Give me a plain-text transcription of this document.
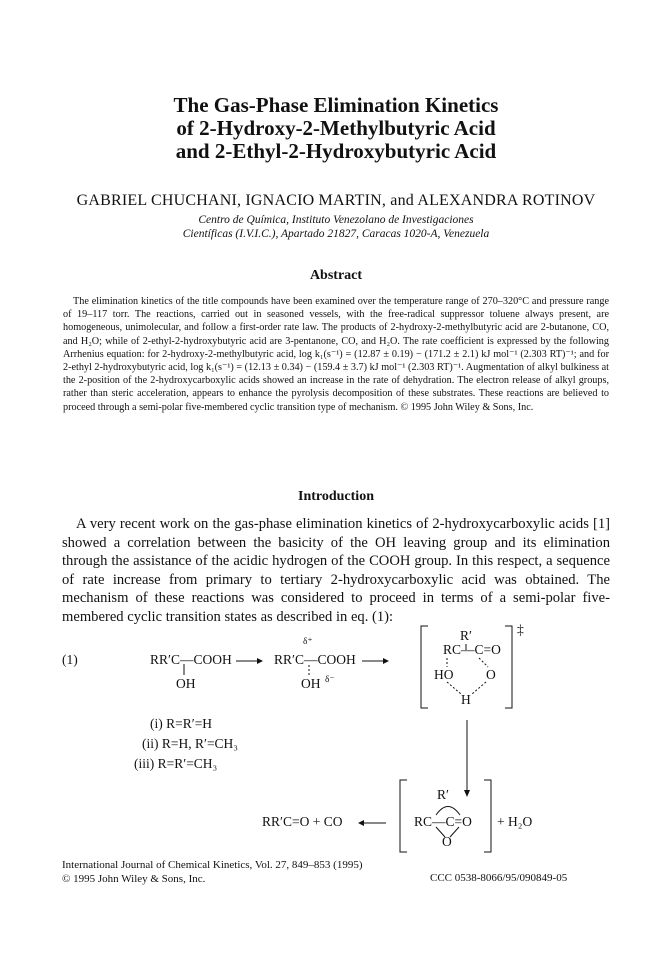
The Gas-Phase Elimination Kinetics
of 2-Hydroxy-2-Methylbutyric Acid
and 2-Ethyl-2-Hydroxybutyric Acid
GABRIEL CHUCHANI, IGNACIO MARTIN, and ALEXANDRA ROTINOV
Centro de Química, Instituto Venezolano de Investigaciones
Científicas (I.V.I.C.), Apartado 21827, Caracas 1020-A, Venezuela
Abstract
The elimination kinetics of the title compounds have been examined over the temperature range of 270–320°C and pressure range of 19–117 torr. The reactions, carried out in seasoned vessels, with the free-radical suppressor toluene always present, are homogeneous, unimolecular, and follow a first-order rate law. The products of 2-hydroxy-2-methylbutyric acid are 2-butanone, CO, and H₂O; while of 2-ethyl-2-hydroxybutyric acid are 3-pentanone, CO, and H₂O. The rate coefficient is expressed by the following Arrhenius equation: for 2-hydroxy-2-methylbutyric acid, log k₁(s⁻¹) = (12.87 ± 0.19) − (171.2 ± 2.1) kJ mol⁻¹ (2.303 RT)⁻¹; and for 2-ethyl 2-hydroxybutyric acid, log k₁(s⁻¹) = (12.13 ± 0.34) − (159.4 ± 3.7) kJ mol⁻¹ (2.303 RT)⁻¹. Augmentation of alkyl bulkiness at the 2-position of the 2-hydroxycarboxylic acids showed an increase in the rate of dehydration. The electron release of alkyl groups, rather than steric acceleration, appears to enhance the pyrolysis decomposition of these substrates. These reactions are believed to proceed through a semi-polar five-membered cyclic transition type of mechanism. © 1995 John Wiley & Sons, Inc.
Introduction
A very recent work on the gas-phase elimination kinetics of 2-hydroxycarboxylic acids [1] showed a correlation between the basicity of the OH leaving group and its elimination through the assistance of the acidic hydrogen of the COOH group. In this respect, a sequence of rate increase from primary to tertiary 2-hydroxycarboxylic acid was obtained. The mechanism of these reactions was considered to proceed in terms of a semi-polar five-membered cyclic transition states as described in eq. (1):
(1)	RR′C—COOH
OH
δ⁺
RR′C—COOH
OH δ⁻
R′
RC—C=O
HO O
H
‡
(i) R=R′=H
(ii) R=H, R′=CH₃
(iii) R=R′=CH₃
RR′C=O + CO
R′
RC—C=O
O
+ H₂O
International Journal of Chemical Kinetics, Vol. 27, 849–853 (1995)
© 1995 John Wiley & Sons, Inc.	CCC 0538-8066/95/090849-05
